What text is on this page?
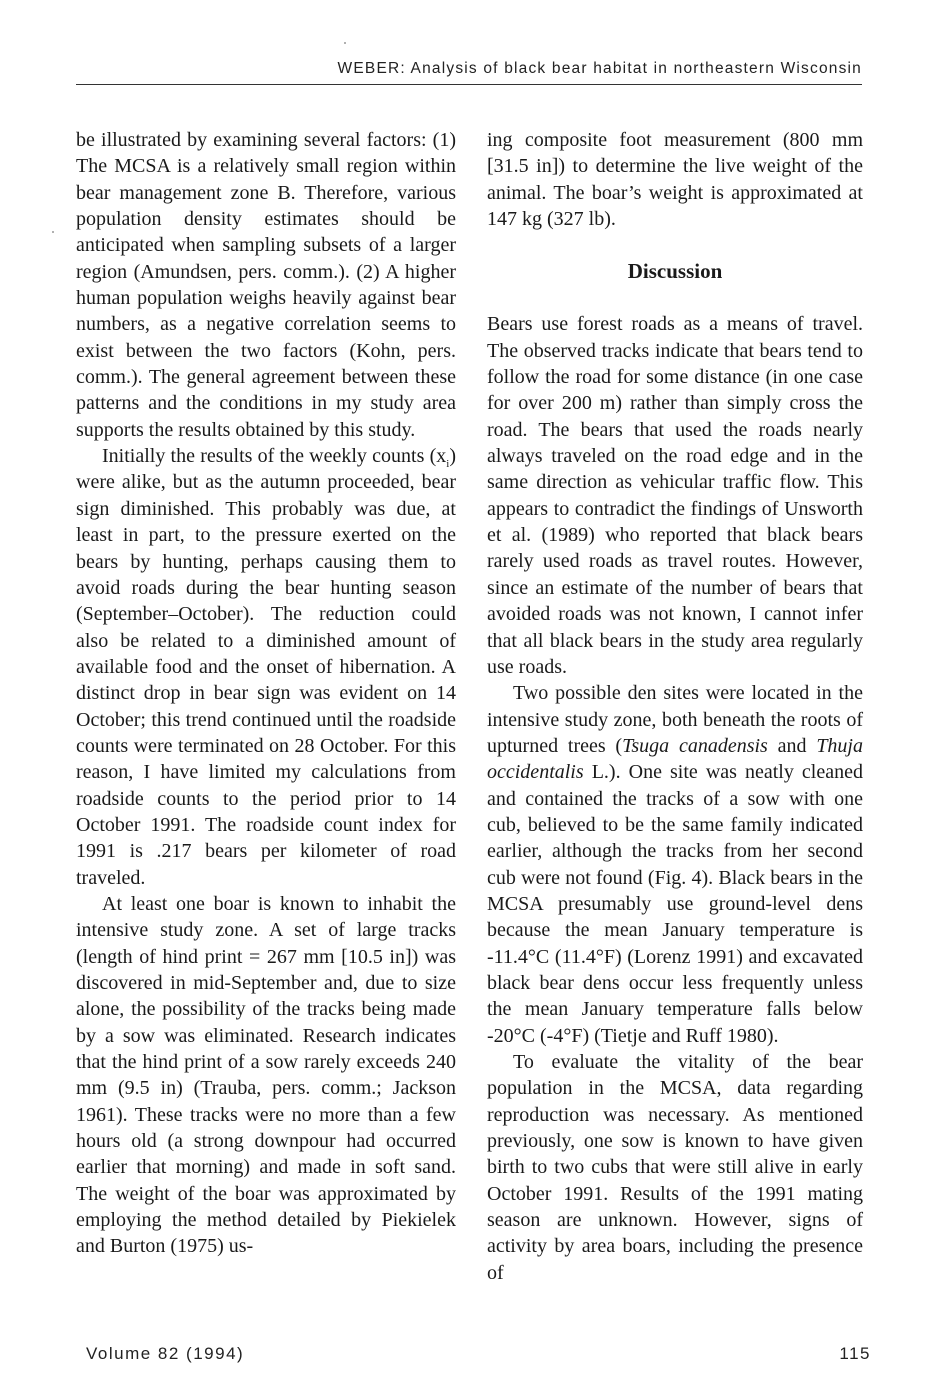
WEBER: Analysis of black bear habitat in northeastern Wisconsin

be illustrated by examining several factors: (1) The MCSA is a relatively small region within bear management zone B. Therefore, various population density estimates should be anticipated when sampling subsets of a larger region (Amundsen, pers. comm.). (2) A higher human population weighs heavily against bear numbers, as a negative correlation seems to exist between the two factors (Kohn, pers. comm.). The general agreement between these patterns and the conditions in my study area supports the results obtained by this study.

Initially the results of the weekly counts $(x_i)$ were alike, but as the autumn proceeded, bear sign diminished. This probably was due, at least in part, to the pressure exerted on the bears by hunting, perhaps causing them to avoid roads during the bear hunting season (September–October). The reduction could also be related to a diminished amount of available food and the onset of hibernation. A distinct drop in bear sign was evident on 14 October; this trend continued until the roadside counts were terminated on 28 October. For this reason, I have limited my calculations from roadside counts to the period prior to 14 October 1991. The roadside count index for 1991 is .217 bears per kilometer of road traveled.

At least one boar is known to inhabit the intensive study zone. A set of large tracks (length of hind print = 267 mm [10.5 in]) was discovered in mid-September and, due to size alone, the possibility of the tracks being made by a sow was eliminated. Research indicates that the hind print of a sow rarely exceeds 240 mm (9.5 in) (Trauba, pers. comm.; Jackson 1961). These tracks were no more than a few hours old (a strong downpour had occurred earlier that morning) and made in soft sand. The weight of the boar was approximated by employing the method detailed by Piekielek and Burton (1975) us-

ing composite foot measurement (800 mm [31.5 in]) to determine the live weight of the animal. The boar’s weight is approximated at 147 kg (327 lb).

Discussion

Bears use forest roads as a means of travel. The observed tracks indicate that bears tend to follow the road for some distance (in one case for over 200 m) rather than simply cross the road. The bears that used the roads nearly always traveled on the road edge and in the same direction as vehicular traffic flow. This appears to contradict the findings of Unsworth et al. (1989) who reported that black bears rarely used roads as travel routes. However, since an estimate of the number of bears that avoided roads was not known, I cannot infer that all black bears in the study area regularly use roads.

Two possible den sites were located in the intensive study zone, both beneath the roots of upturned trees (Tsuga canadensis and Thuja occidentalis L.). One site was neatly cleaned and contained the tracks of a sow with one cub, believed to be the same family indicated earlier, although the tracks from her second cub were not found (Fig. 4). Black bears in the MCSA presumably use ground-level dens because the mean January temperature is -11.4°C (11.4°F) (Lorenz 1991) and excavated black bear dens occur less frequently unless the mean January temperature falls below -20°C (-4°F) (Tietje and Ruff 1980).

To evaluate the vitality of the bear population in the MCSA, data regarding reproduction was necessary. As mentioned previously, one sow is known to have given birth to two cubs that were still alive in early October 1991. Results of the 1991 mating season are unknown. However, signs of activity by area boars, including the presence of

Volume 82 (1994)	115
